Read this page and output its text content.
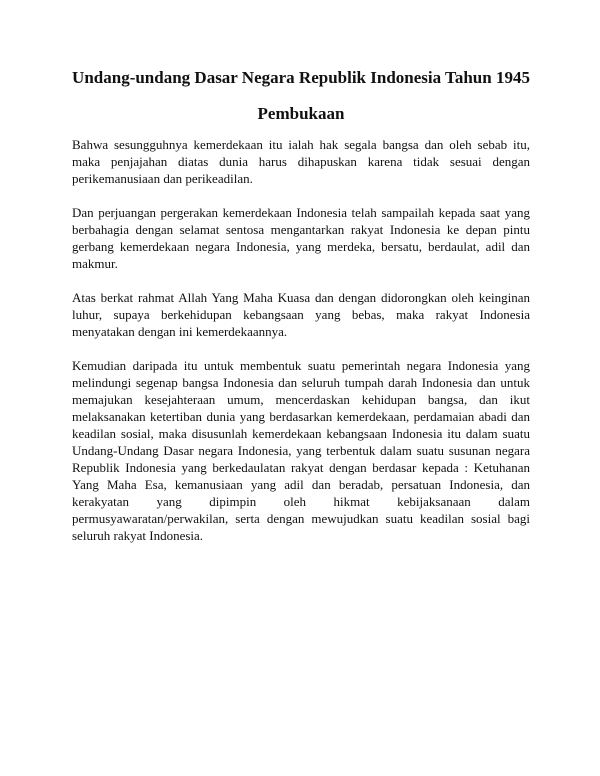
Undang-undang Dasar Negara Republik Indonesia Tahun 1945
Pembukaan

Bahwa sesungguhnya kemerdekaan itu ialah hak segala bangsa dan oleh sebab itu, maka penjajahan diatas dunia harus dihapuskan karena tidak sesuai dengan perikemanusiaan dan perikeadilan.

Dan perjuangan pergerakan kemerdekaan Indonesia telah sampailah kepada saat yang berbahagia dengan selamat sentosa mengantarkan rakyat Indonesia ke depan pintu gerbang kemerdekaan negara Indonesia, yang merdeka, bersatu, berdaulat, adil dan makmur.

Atas berkat rahmat Allah Yang Maha Kuasa dan dengan didorongkan oleh keinginan luhur, supaya berkehidupan kebangsaan yang bebas, maka rakyat Indonesia menyatakan dengan ini kemerdekaannya.

Kemudian daripada itu untuk membentuk suatu pemerintah negara Indonesia yang melindungi segenap bangsa Indonesia dan seluruh tumpah darah Indonesia dan untuk memajukan kesejahteraan umum, mencerdaskan kehidupan bangsa, dan ikut melaksanakan ketertiban dunia yang berdasarkan kemerdekaan, perdamaian abadi dan keadilan sosial, maka disusunlah kemerdekaan kebangsaan Indonesia itu dalam suatu Undang-Undang Dasar negara Indonesia, yang terbentuk dalam suatu susunan negara Republik Indonesia yang berkedaulatan rakyat dengan berdasar kepada : Ketuhanan Yang Maha Esa, kemanusiaan yang adil dan beradab, persatuan Indonesia, dan kerakyatan yang dipimpin oleh hikmat kebijaksanaan dalam permusyawaratan/perwakilan, serta dengan mewujudkan suatu keadilan sosial bagi seluruh rakyat Indonesia.
